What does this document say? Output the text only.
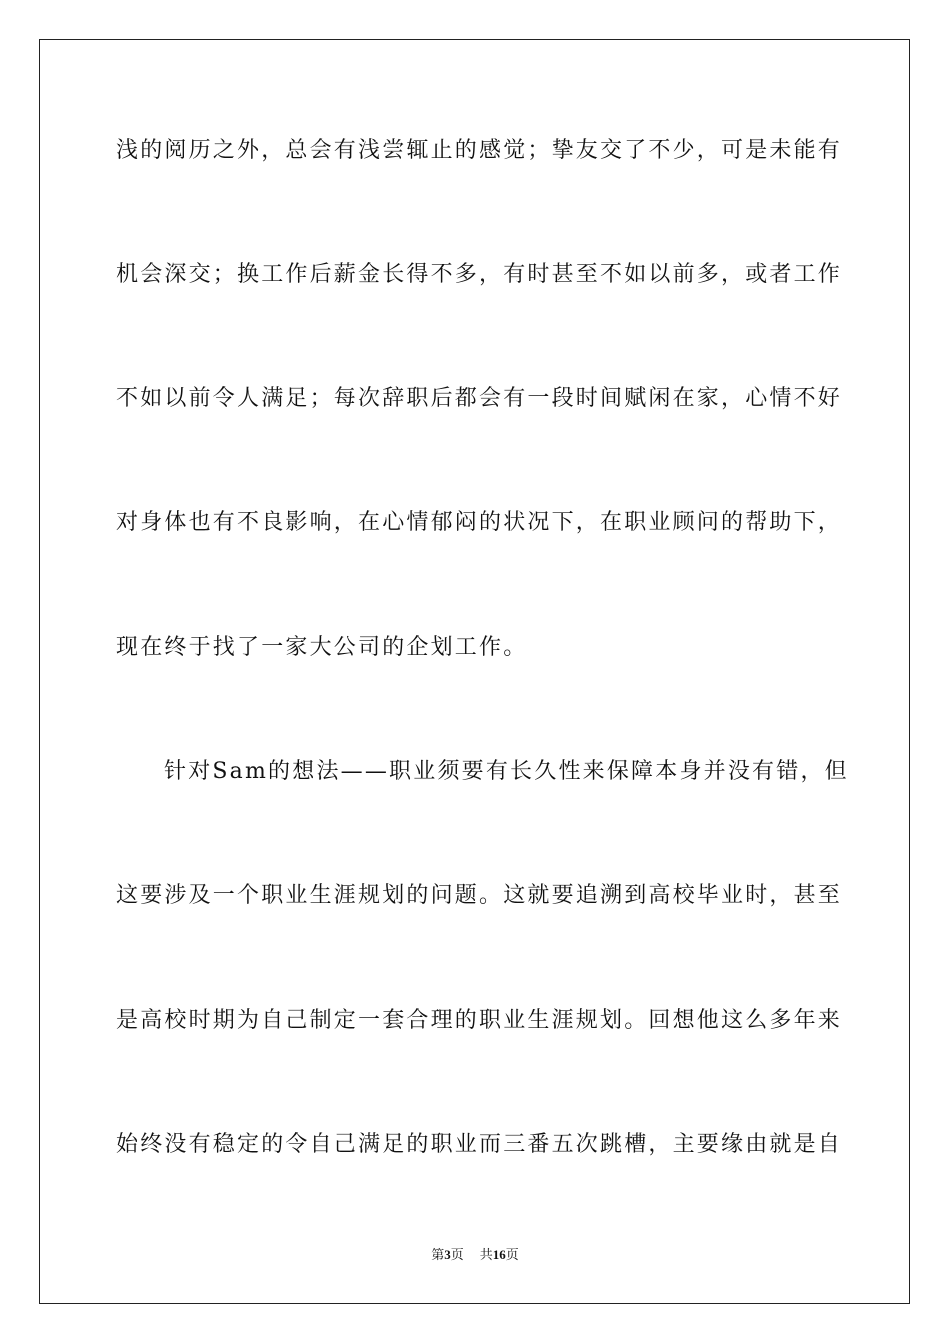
浅的阅历之外，总会有浅尝辄止的感觉；挚友交了不少，可是未能有
机会深交；换工作后薪金长得不多，有时甚至不如以前多，或者工作
不如以前令人满足；每次辞职后都会有一段时间赋闲在家，心情不好
对身体也有不良影响，在心情郁闷的状况下，在职业顾问的帮助下，
现在终于找了一家大公司的企划工作。
针对Sam的想法——职业须要有长久性来保障本身并没有错，但
这要涉及一个职业生涯规划的问题。这就要追溯到高校毕业时，甚至
是高校时期为自己制定一套合理的职业生涯规划。回想他这么多年来
始终没有稳定的令自己满足的职业而三番五次跳槽，主要缘由就是自
第3页 共16页
